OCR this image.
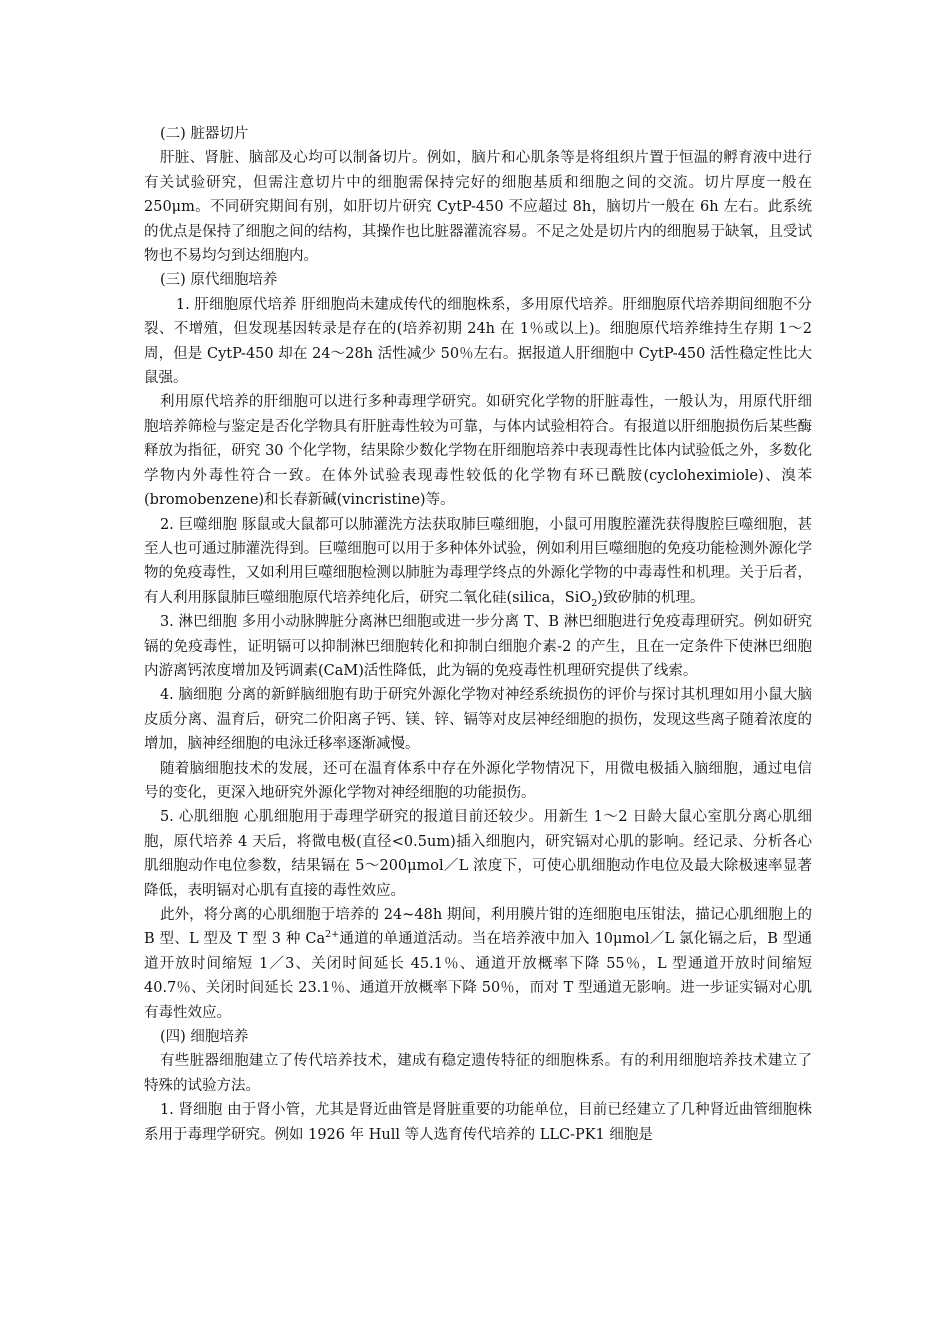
(二) 脏器切片

肝脏、肾脏、脑部及心均可以制备切片。例如，脑片和心肌条等是将组织片置于恒温的孵育液中进行有关试验研究，但需注意切片中的细胞需保持完好的细胞基质和细胞之间的交流。切片厚度一般在 250μm。不同研究期间有别，如肝切片研究 CytP-450 不应超过 8h，脑切片一般在 6h 左右。此系统的优点是保持了细胞之间的结构，其操作也比脏器灌流容易。不足之处是切片内的细胞易于缺氧，且受试物也不易均匀到达细胞内。

(三) 原代细胞培养

1. 肝细胞原代培养 肝细胞尚未建成传代的细胞株系，多用原代培养。肝细胞原代培养期间细胞不分裂、不增殖，但发现基因转录是存在的(培养初期 24h 在 1％或以上)。细胞原代培养维持生存期 1～2 周，但是 CytP-450 却在 24～28h 活性减少 50％左右。据报道人肝细胞中 CytP-450 活性稳定性比大鼠强。

利用原代培养的肝细胞可以进行多种毒理学研究。如研究化学物的肝脏毒性，一般认为，用原代肝细胞培养筛检与鉴定是否化学物具有肝脏毒性较为可靠，与体内试验相符合。有报道以肝细胞损伤后某些酶释放为指征，研究 30 个化学物，结果除少数化学物在肝细胞培养中表现毒性比体内试验低之外，多数化学物内外毒性符合一致。在体外试验表现毒性较低的化学物有环已酰胺(cycloheximiole)、溴苯(bromobenzene)和长春新碱(vincristine)等。

2. 巨噬细胞 豚鼠或大鼠都可以肺灌洗方法获取肺巨噬细胞，小鼠可用腹腔灌洗获得腹腔巨噬细胞，甚至人也可通过肺灌洗得到。巨噬细胞可以用于多种体外试验，例如利用巨噬细胞的免疫功能检测外源化学物的免疫毒性，又如利用巨噬细胞检测以肺脏为毒理学终点的外源化学物的中毒毒性和机理。关于后者，有人利用豚鼠肺巨噬细胞原代培养纯化后，研究二氧化硅(silica，SiO$_2$)致矽肺的机理。

3. 淋巴细胞 多用小动脉脾脏分离淋巴细胞或进一步分离 T、B 淋巴细胞进行免疫毒理研究。例如研究镉的免疫毒性，证明镉可以抑制淋巴细胞转化和抑制白细胞介素-2 的产生，且在一定条件下使淋巴细胞内游离钙浓度增加及钙调素(CaM)活性降低，此为镉的免疫毒性机理研究提供了线索。

4. 脑细胞 分离的新鲜脑细胞有助于研究外源化学物对神经系统损伤的评价与探讨其机理如用小鼠大脑皮质分离、温育后，研究二价阳离子钙、镁、锌、镉等对皮层神经细胞的损伤，发现这些离子随着浓度的增加，脑神经细胞的电泳迁移率逐渐减慢。

随着脑细胞技术的发展，还可在温育体系中存在外源化学物情况下，用微电极插入脑细胞，通过电信号的变化，更深入地研究外源化学物对神经细胞的功能损伤。

5. 心肌细胞 心肌细胞用于毒理学研究的报道目前还较少。用新生 1～2 日龄大鼠心室肌分离心肌细胞，原代培养 4 天后，将微电极(直径<0.5um)插入细胞内，研究镉对心肌的影响。经记录、分析各心肌细胞动作电位参数，结果镉在 5～200μmol／L 浓度下，可使心肌细胞动作电位及最大除极速率显著降低，表明镉对心肌有直接的毒性效应。

此外，将分离的心肌细胞于培养的 24~48h 期间，利用膜片钳的连细胞电压钳法，描记心肌细胞上的 B 型、L 型及 T 型 3 种 $Ca^{2+}$通道的单通道活动。当在培养液中加入 10μmol／L 氯化镉之后，B 型通道开放时间缩短 1／3、关闭时间延长 45.1％、通道开放概率下降 55％，L 型通道开放时间缩短 40.7％、关闭时间延长 23.1％、通道开放概率下降 50％，而对 T 型通道无影响。进一步证实镉对心肌有毒性效应。

(四) 细胞培养

有些脏器细胞建立了传代培养技术，建成有稳定遗传特征的细胞株系。有的利用细胞培养技术建立了特殊的试验方法。

1. 肾细胞 由于肾小管，尤其是肾近曲管是肾脏重要的功能单位，目前已经建立了几种肾近曲管细胞株系用于毒理学研究。例如 1926 年 Hull 等人选育传代培养的 LLC-PK1 细胞是
